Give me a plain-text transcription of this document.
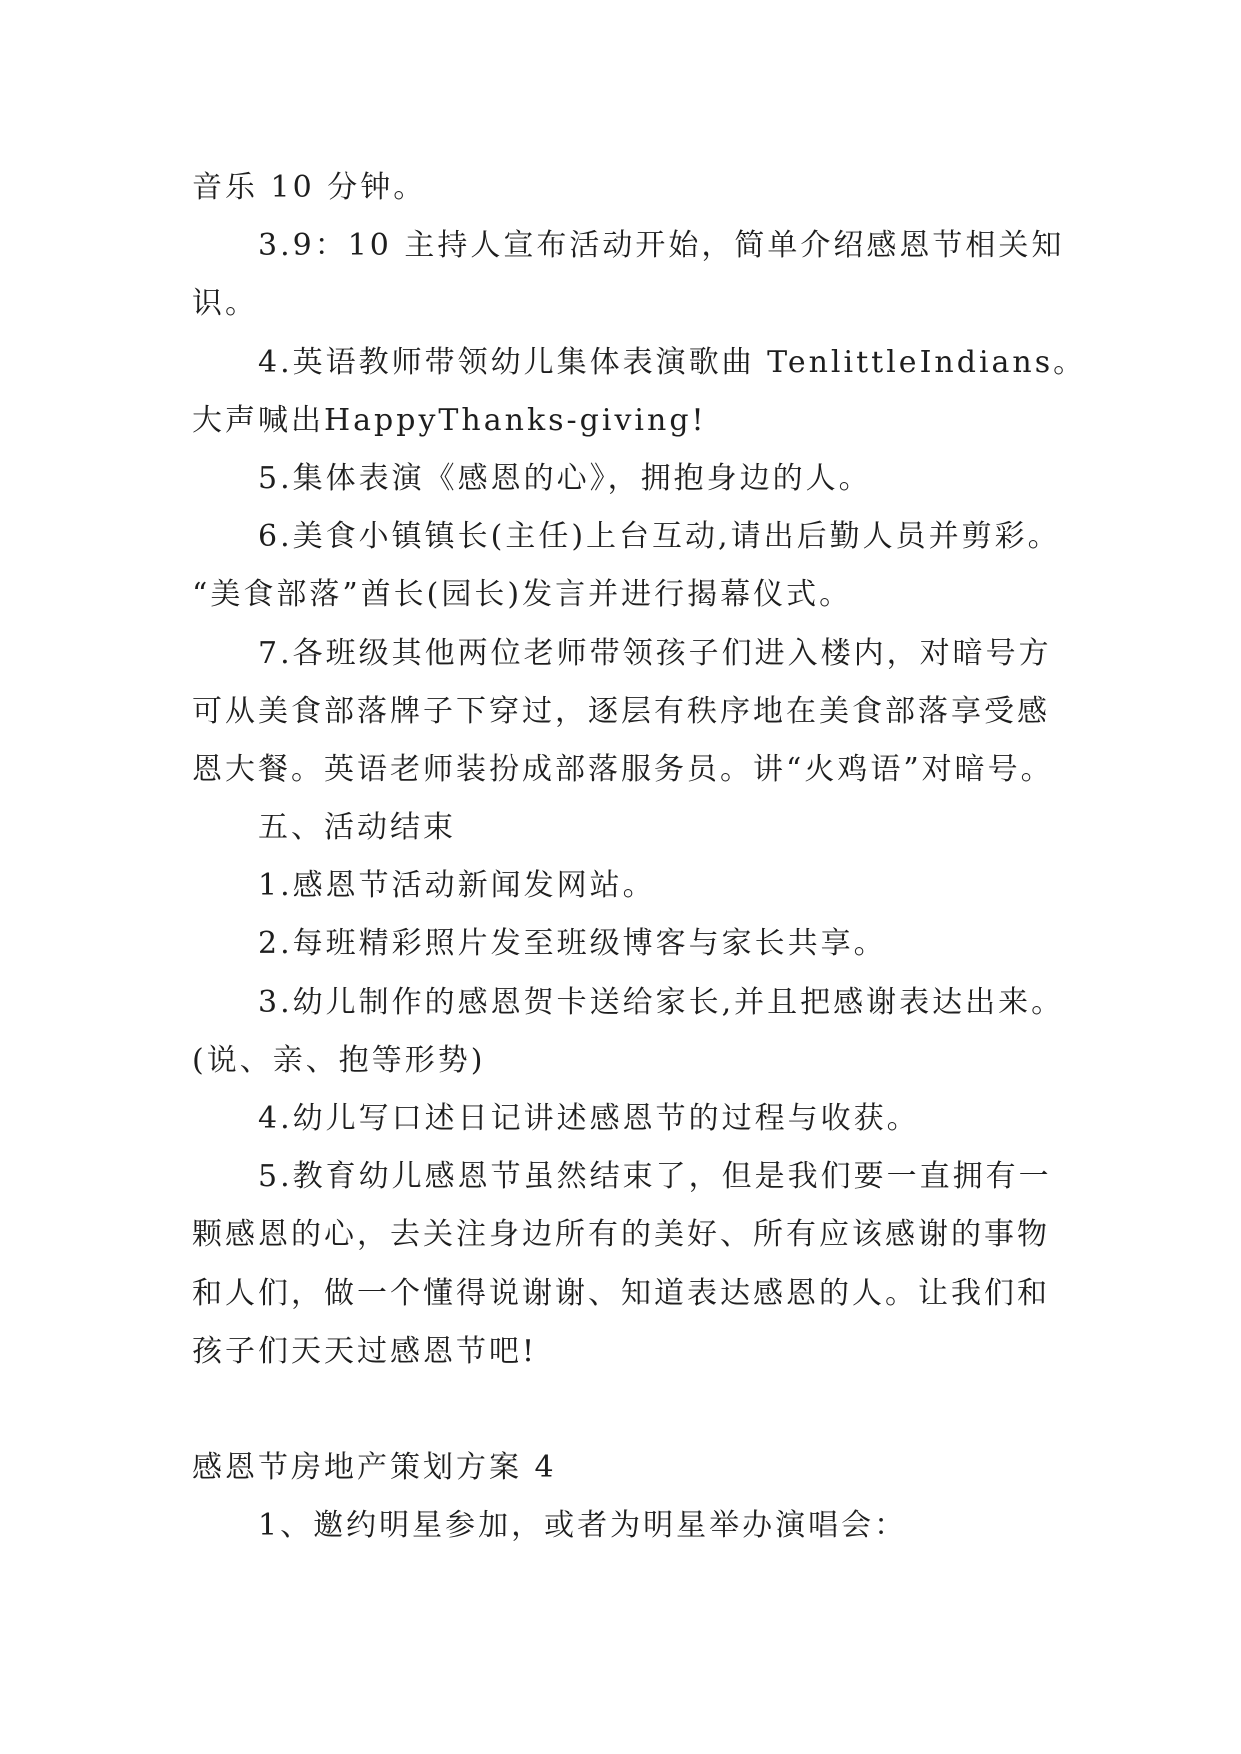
音乐 10 分钟。

3.9：10 主持人宣布活动开始，简单介绍感恩节相关知
识。

4.英语教师带领幼儿集体表演歌曲 TenlittleIndians。
大声喊出HappyThanks-giving!

5.集体表演《感恩的心》，拥抱身边的人。

6.美食小镇镇长(主任)上台互动,请出后勤人员并剪彩。
“美食部落”酋长(园长)发言并进行揭幕仪式。

7.各班级其他两位老师带领孩子们进入楼内，对暗号方
可从美食部落牌子下穿过，逐层有秩序地在美食部落享受感
恩大餐。英语老师装扮成部落服务员。讲“火鸡语”对暗号。

五、活动结束

1.感恩节活动新闻发网站。

2.每班精彩照片发至班级博客与家长共享。

3.幼儿制作的感恩贺卡送给家长,并且把感谢表达出来。
(说、亲、抱等形势)

4.幼儿写口述日记讲述感恩节的过程与收获。

5.教育幼儿感恩节虽然结束了，但是我们要一直拥有一
颗感恩的心，去关注身边所有的美好、所有应该感谢的事物
和人们，做一个懂得说谢谢、知道表达感恩的人。让我们和
孩子们天天过感恩节吧!

感恩节房地产策划方案 4

1、邀约明星参加，或者为明星举办演唱会：
